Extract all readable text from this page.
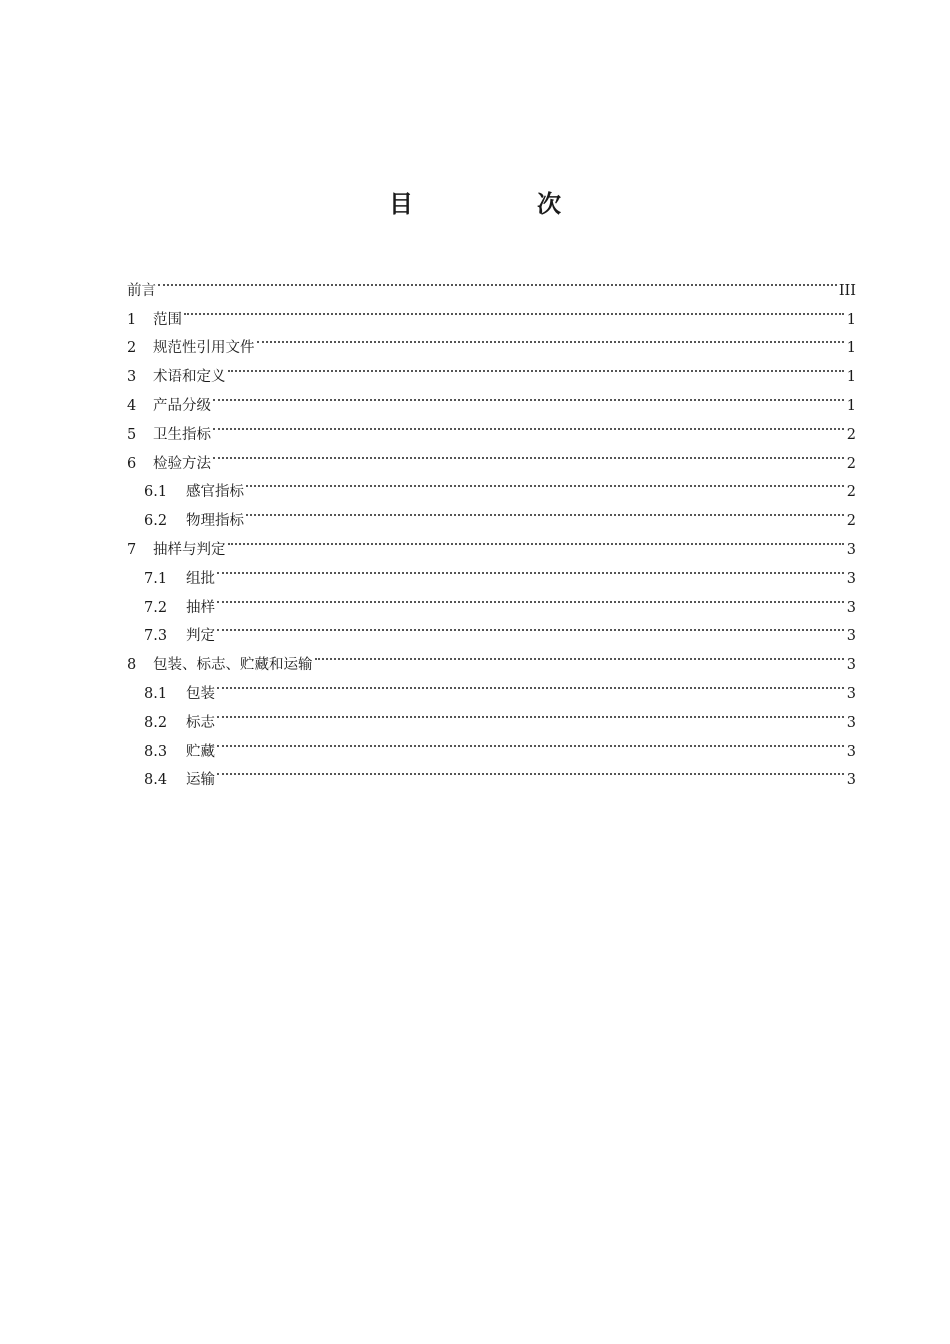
目　次
前言	III
1	范围	1
2	规范性引用文件	1
3	术语和定义	1
4	产品分级	1
5	卫生指标	2
6	检验方法	2
6.1	感官指标	2
6.2	物理指标	2
7	抽样与判定	3
7.1	组批	3
7.2	抽样	3
7.3	判定	3
8	包装、标志、贮藏和运输	3
8.1	包装	3
8.2	标志	3
8.3	贮藏	3
8.4	运输	3
